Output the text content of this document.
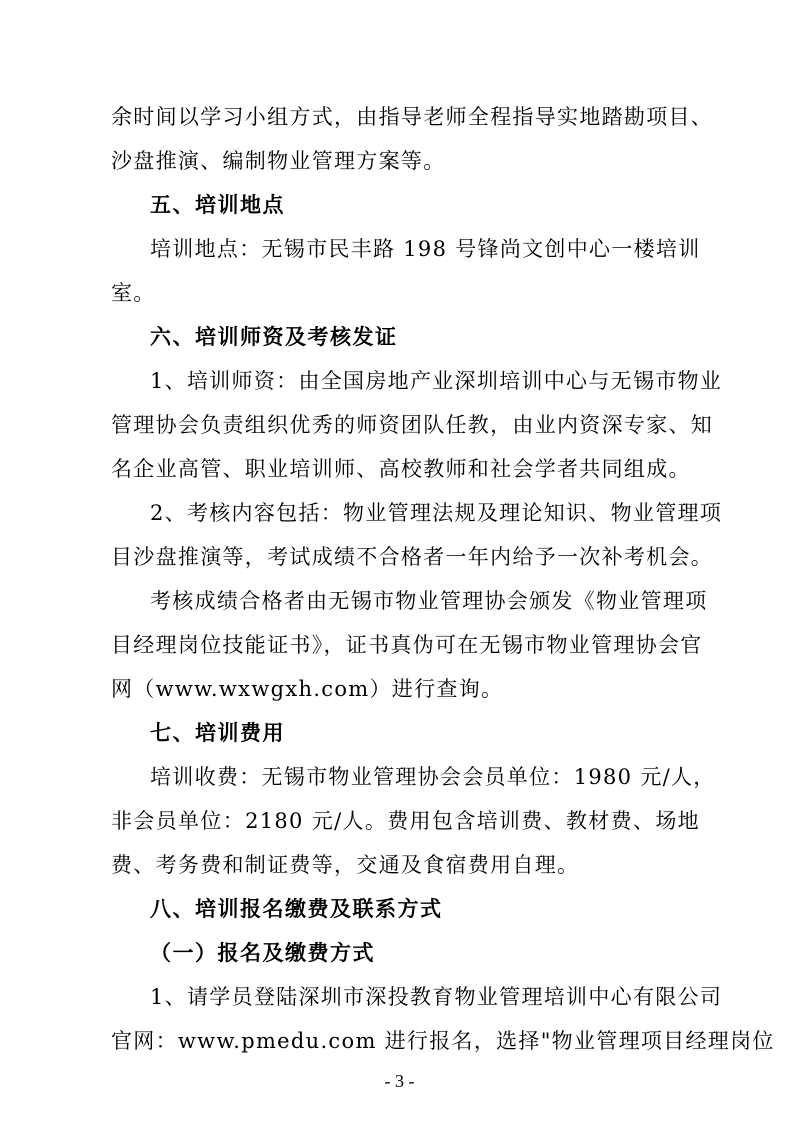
余时间以学习小组方式，由指导老师全程指导实地踏勘项目、
沙盘推演、编制物业管理方案等。
五、培训地点
培训地点：无锡市民丰路 198 号锋尚文创中心一楼培训
室。
六、培训师资及考核发证
1、培训师资：由全国房地产业深圳培训中心与无锡市物业
管理协会负责组织优秀的师资团队任教，由业内资深专家、知
名企业高管、职业培训师、高校教师和社会学者共同组成。
2、考核内容包括：物业管理法规及理论知识、物业管理项
目沙盘推演等，考试成绩不合格者一年内给予一次补考机会。
考核成绩合格者由无锡市物业管理协会颁发《物业管理项
目经理岗位技能证书》，证书真伪可在无锡市物业管理协会官
网（www.wxwgxh.com）进行查询。
七、培训费用
培训收费：无锡市物业管理协会会员单位：1980 元/人，
非会员单位：2180 元/人。费用包含培训费、教材费、场地
费、考务费和制证费等，交通及食宿费用自理。
八、培训报名缴费及联系方式
（一）报名及缴费方式
1、请学员登陆深圳市深投教育物业管理培训中心有限公司
官网：www.pmedu.com 进行报名，选择"物业管理项目经理岗位
- 3 -
